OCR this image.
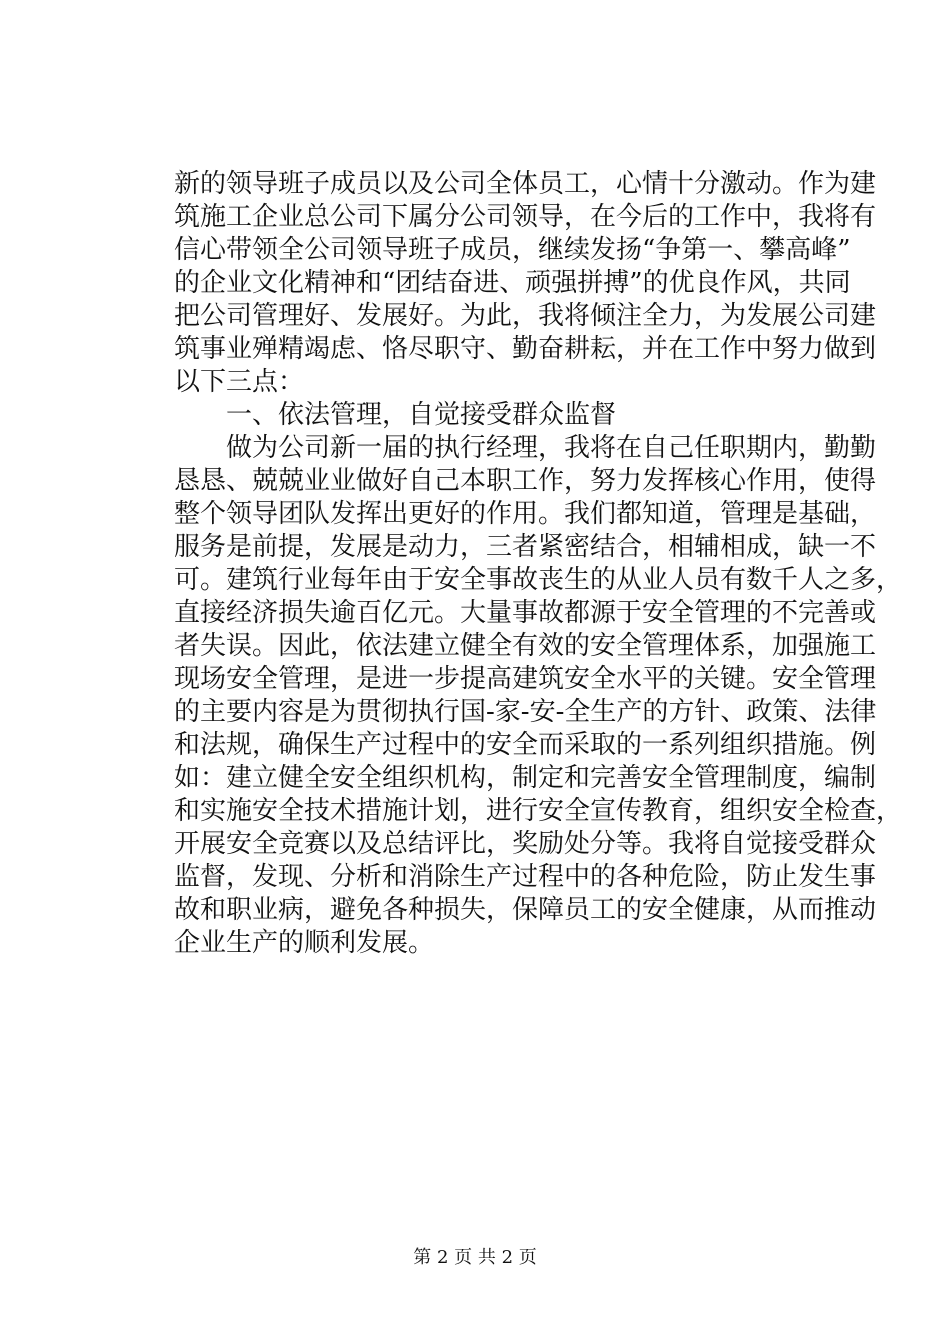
新的领导班子成员以及公司全体员工，心情十分激动。作为建
筑施工企业总公司下属分公司领导，在今后的工作中，我将有
信心带领全公司领导班子成员，继续发扬“争第一、攀高峰”
的企业文化精神和“团结奋进、顽强拼搏”的优良作风，共同
把公司管理好、发展好。为此，我将倾注全力，为发展公司建
筑事业殚精竭虑、恪尽职守、勤奋耕耘，并在工作中努力做到
以下三点：
　　一、依法管理，自觉接受群众监督
　　做为公司新一届的执行经理，我将在自己任职期内，勤勤
恳恳、兢兢业业做好自己本职工作，努力发挥核心作用，使得
整个领导团队发挥出更好的作用。我们都知道，管理是基础，
服务是前提，发展是动力，三者紧密结合，相辅相成，缺一不
可。建筑行业每年由于安全事故丧生的从业人员有数千人之多，
直接经济损失逾百亿元。大量事故都源于安全管理的不完善或
者失误。因此，依法建立健全有效的安全管理体系，加强施工
现场安全管理，是进一步提高建筑安全水平的关键。安全管理
的主要内容是为贯彻执行国-家-安-全生产的方针、政策、法律
和法规，确保生产过程中的安全而采取的一系列组织措施。例
如：建立健全安全组织机构，制定和完善安全管理制度，编制
和实施安全技术措施计划，进行安全宣传教育，组织安全检查，
开展安全竞赛以及总结评比，奖励处分等。我将自觉接受群众
监督，发现、分析和消除生产过程中的各种危险，防止发生事
故和职业病，避免各种损失，保障员工的安全健康，从而推动
企业生产的顺利发展。
第 2 页 共 2 页
